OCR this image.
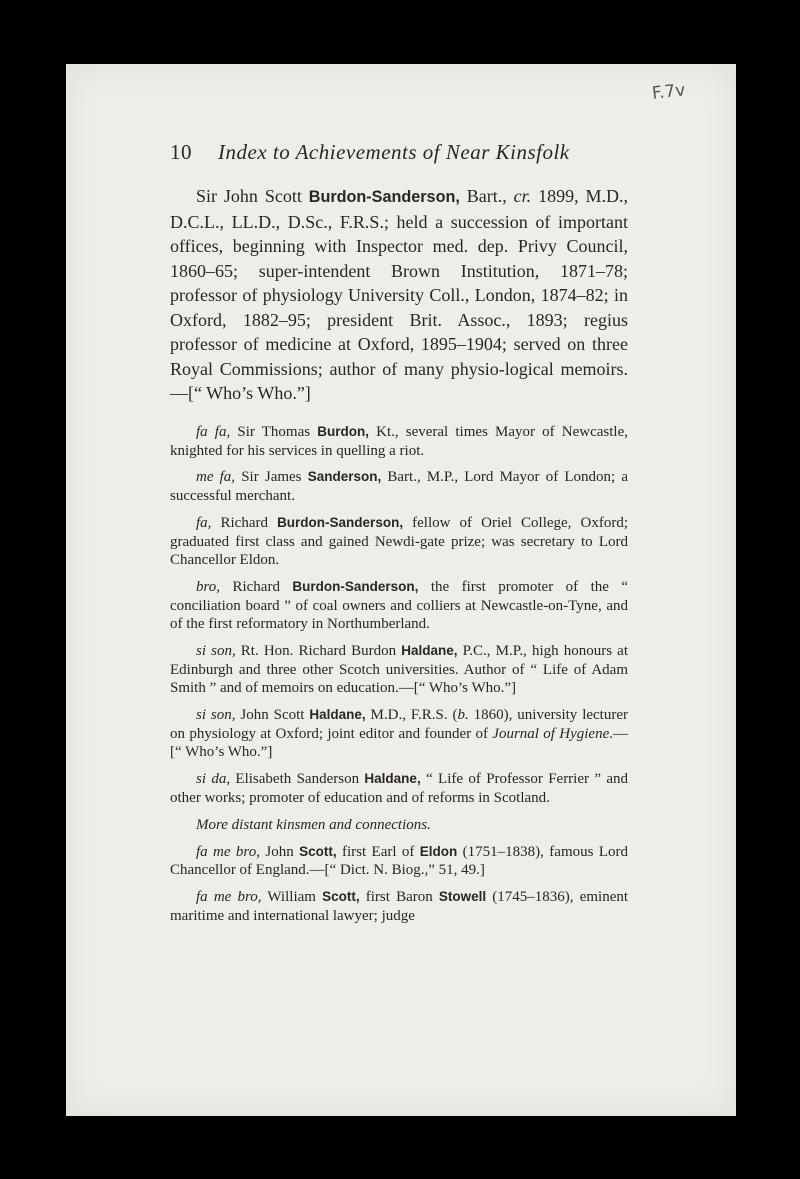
F.7v
10 Index to Achievements of Near Kinsfolk

Sir John Scott Burdon-Sanderson, Bart., cr. 1899, M.D., D.C.L., LL.D., D.Sc., F.R.S.; held a succession of important offices, beginning with Inspector med. dep. Privy Council, 1860–65; super-intendent Brown Institution, 1871–78; professor of physiology University Coll., London, 1874–82; in Oxford, 1882–95; president Brit. Assoc., 1893; regius professor of medicine at Oxford, 1895–1904; served on three Royal Commissions; author of many physio-logical memoirs.—[“ Who’s Who.”]

fa fa, Sir Thomas Burdon, Kt., several times Mayor of Newcastle, knighted for his services in quelling a riot.

me fa, Sir James Sanderson, Bart., M.P., Lord Mayor of London; a successful merchant.

fa, Richard Burdon-Sanderson, fellow of Oriel College, Oxford; graduated first class and gained Newdi-gate prize; was secretary to Lord Chancellor Eldon.

bro, Richard Burdon-Sanderson, the first promoter of the “ conciliation board ” of coal owners and colliers at Newcastle-on-Tyne, and of the first reformatory in Northumberland.

si son, Rt. Hon. Richard Burdon Haldane, P.C., M.P., high honours at Edinburgh and three other Scotch universities. Author of “ Life of Adam Smith ” and of memoirs on education.—[“ Who’s Who.”]

si son, John Scott Haldane, M.D., F.R.S. (b. 1860), university lecturer on physiology at Oxford; joint editor and founder of Journal of Hygiene.—[“ Who’s Who.”]

si da, Elisabeth Sanderson Haldane, “ Life of Professor Ferrier ” and other works; promoter of education and of reforms in Scotland.

More distant kinsmen and connections.

fa me bro, John Scott, first Earl of Eldon (1751–1838), famous Lord Chancellor of England.—[“ Dict. N. Biog.,” 51, 49.]

fa me bro, William Scott, first Baron Stowell (1745–1836), eminent maritime and international lawyer; judge
